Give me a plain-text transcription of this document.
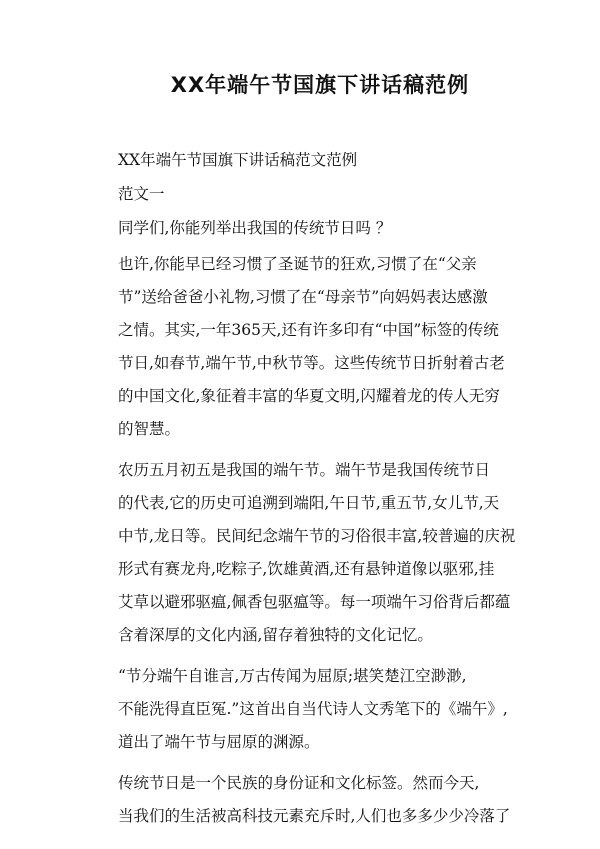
XX年端午节国旗下讲话稿范例
XX年端午节国旗下讲话稿范文范例
范文一
同学们,你能列举出我国的传统节日吗 ？
也许,你能早已经习惯了圣诞节的狂欢,习惯了在“父亲
节”送给爸爸小礼物,习惯了在“母亲节”向妈妈表达感激
之情。其实,一年365天,还有许多印有“中国”标签的传统
节日,如春节,端午节,中秋节等。这些传统节日折射着古老
的中国文化,象征着丰富的华夏文明,闪耀着龙的传人无穷
的智慧。
农历五月初五是我国的端午节。端午节是我国传统节日
的代表,它的历史可追溯到端阳,午日节,重五节,女儿节,天
中节,龙日等。民间纪念端午节的习俗很丰富,较普遍的庆祝
形式有赛龙舟,吃粽子,饮雄黄酒,还有悬钟道像以驱邪,挂
艾草以避邪驱瘟,佩香包驱瘟等。每一项端午习俗背后都蕴
含着深厚的文化内涵,留存着独特的文化记忆。
“节分端午自谁言,万古传闻为屈原;堪笑楚江空渺渺,
不能洗得直臣冤.”这首出自当代诗人文秀笔下的《端午》,
道出了端午节与屈原的渊源。
传统节日是一个民族的身份证和文化标签。然而今天,
当我们的生活被高科技元素充斥时,人们也多多少少冷落了
